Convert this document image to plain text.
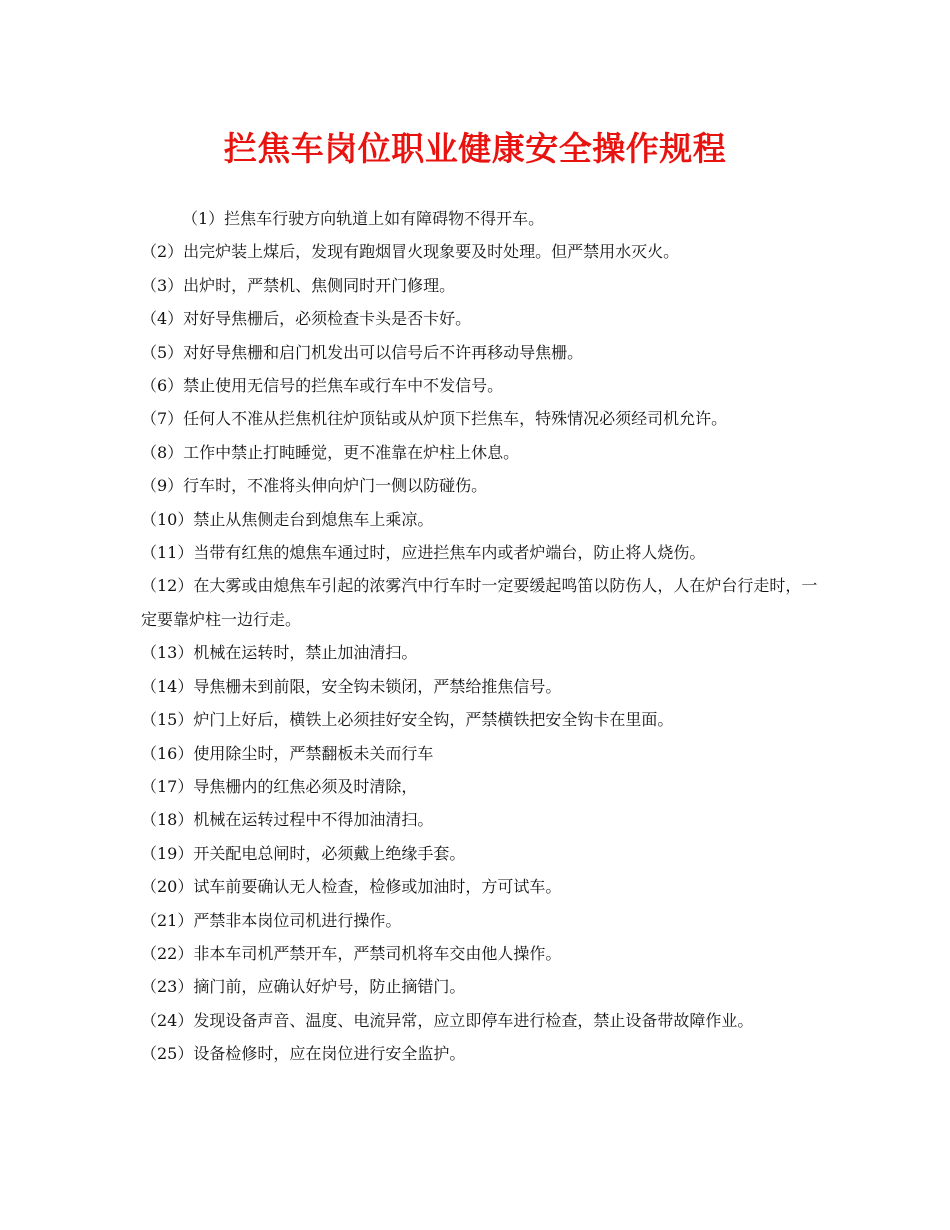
拦焦车岗位职业健康安全操作规程

（1）拦焦车行驶方向轨道上如有障碍物不得开车。

（2）出完炉装上煤后，发现有跑烟冒火现象要及时处理。但严禁用水灭火。

（3）出炉时，严禁机、焦侧同时开门修理。

（4）对好导焦栅后，必须检查卡头是否卡好。

（5）对好导焦栅和启门机发出可以信号后不许再移动导焦栅。

（6）禁止使用无信号的拦焦车或行车中不发信号。

（7）任何人不准从拦焦机往炉顶钻或从炉顶下拦焦车，特殊情况必须经司机允许。

（8）工作中禁止打盹睡觉，更不准靠在炉柱上休息。

（9）行车时，不准将头伸向炉门一侧以防碰伤。

（10）禁止从焦侧走台到熄焦车上乘凉。

（11）当带有红焦的熄焦车通过时，应进拦焦车内或者炉端台，防止将人烧伤。

（12）在大雾或由熄焦车引起的浓雾汽中行车时一定要缓起鸣笛以防伤人，人在炉台行走时，一定要靠炉柱一边行走。

（13）机械在运转时，禁止加油清扫。

（14）导焦栅未到前限，安全钩未锁闭，严禁给推焦信号。

（15）炉门上好后，横铁上必须挂好安全钩，严禁横铁把安全钩卡在里面。

（16）使用除尘时，严禁翻板未关而行车

（17）导焦栅内的红焦必须及时清除，

（18）机械在运转过程中不得加油清扫。

（19）开关配电总闸时，必须戴上绝缘手套。

（20）试车前要确认无人检查，检修或加油时，方可试车。

（21）严禁非本岗位司机进行操作。

（22）非本车司机严禁开车，严禁司机将车交由他人操作。

（23）摘门前，应确认好炉号，防止摘错门。

（24）发现设备声音、温度、电流异常，应立即停车进行检查，禁止设备带故障作业。

（25）设备检修时，应在岗位进行安全监护。
